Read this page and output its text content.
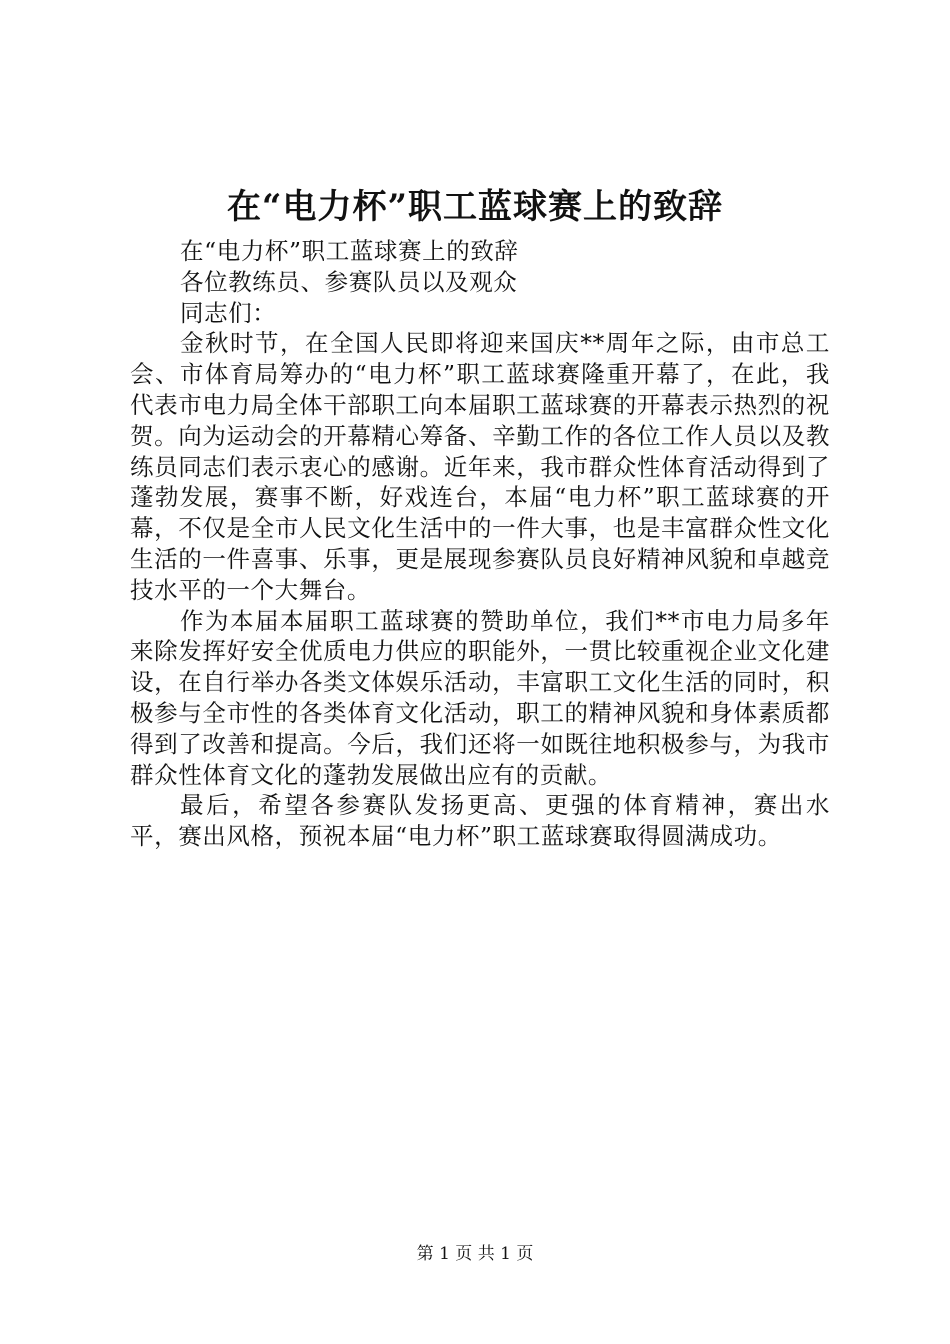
在“电力杯”职工蓝球赛上的致辞
在“电力杯”职工蓝球赛上的致辞
各位教练员、参赛队员以及观众
同志们：

金秋时节，在全国人民即将迎来国庆**周年之际，由市总工会、市体育局筹办的“电力杯”职工蓝球赛隆重开幕了，在此，我代表市电力局全体干部职工向本届职工蓝球赛的开幕表示热烈的祝贺。向为运动会的开幕精心筹备、辛勤工作的各位工作人员以及教练员同志们表示衷心的感谢。近年来，我市群众性体育活动得到了蓬勃发展，赛事不断，好戏连台，本届“电力杯”职工蓝球赛的开幕，不仅是全市人民文化生活中的一件大事，也是丰富群众性文化生活的一件喜事、乐事，更是展现参赛队员良好精神风貌和卓越竞技水平的一个大舞台。

作为本届本届职工蓝球赛的赞助单位，我们**市电力局多年来除发挥好安全优质电力供应的职能外，一贯比较重视企业文化建设，在自行举办各类文体娱乐活动，丰富职工文化生活的同时，积极参与全市性的各类体育文化活动，职工的精神风貌和身体素质都得到了改善和提高。今后，我们还将一如既往地积极参与，为我市群众性体育文化的蓬勃发展做出应有的贡献。

最后，希望各参赛队发扬更高、更强的体育精神，赛出水平，赛出风格，预祝本届“电力杯”职工蓝球赛取得圆满成功。

第 1 页 共 1 页
